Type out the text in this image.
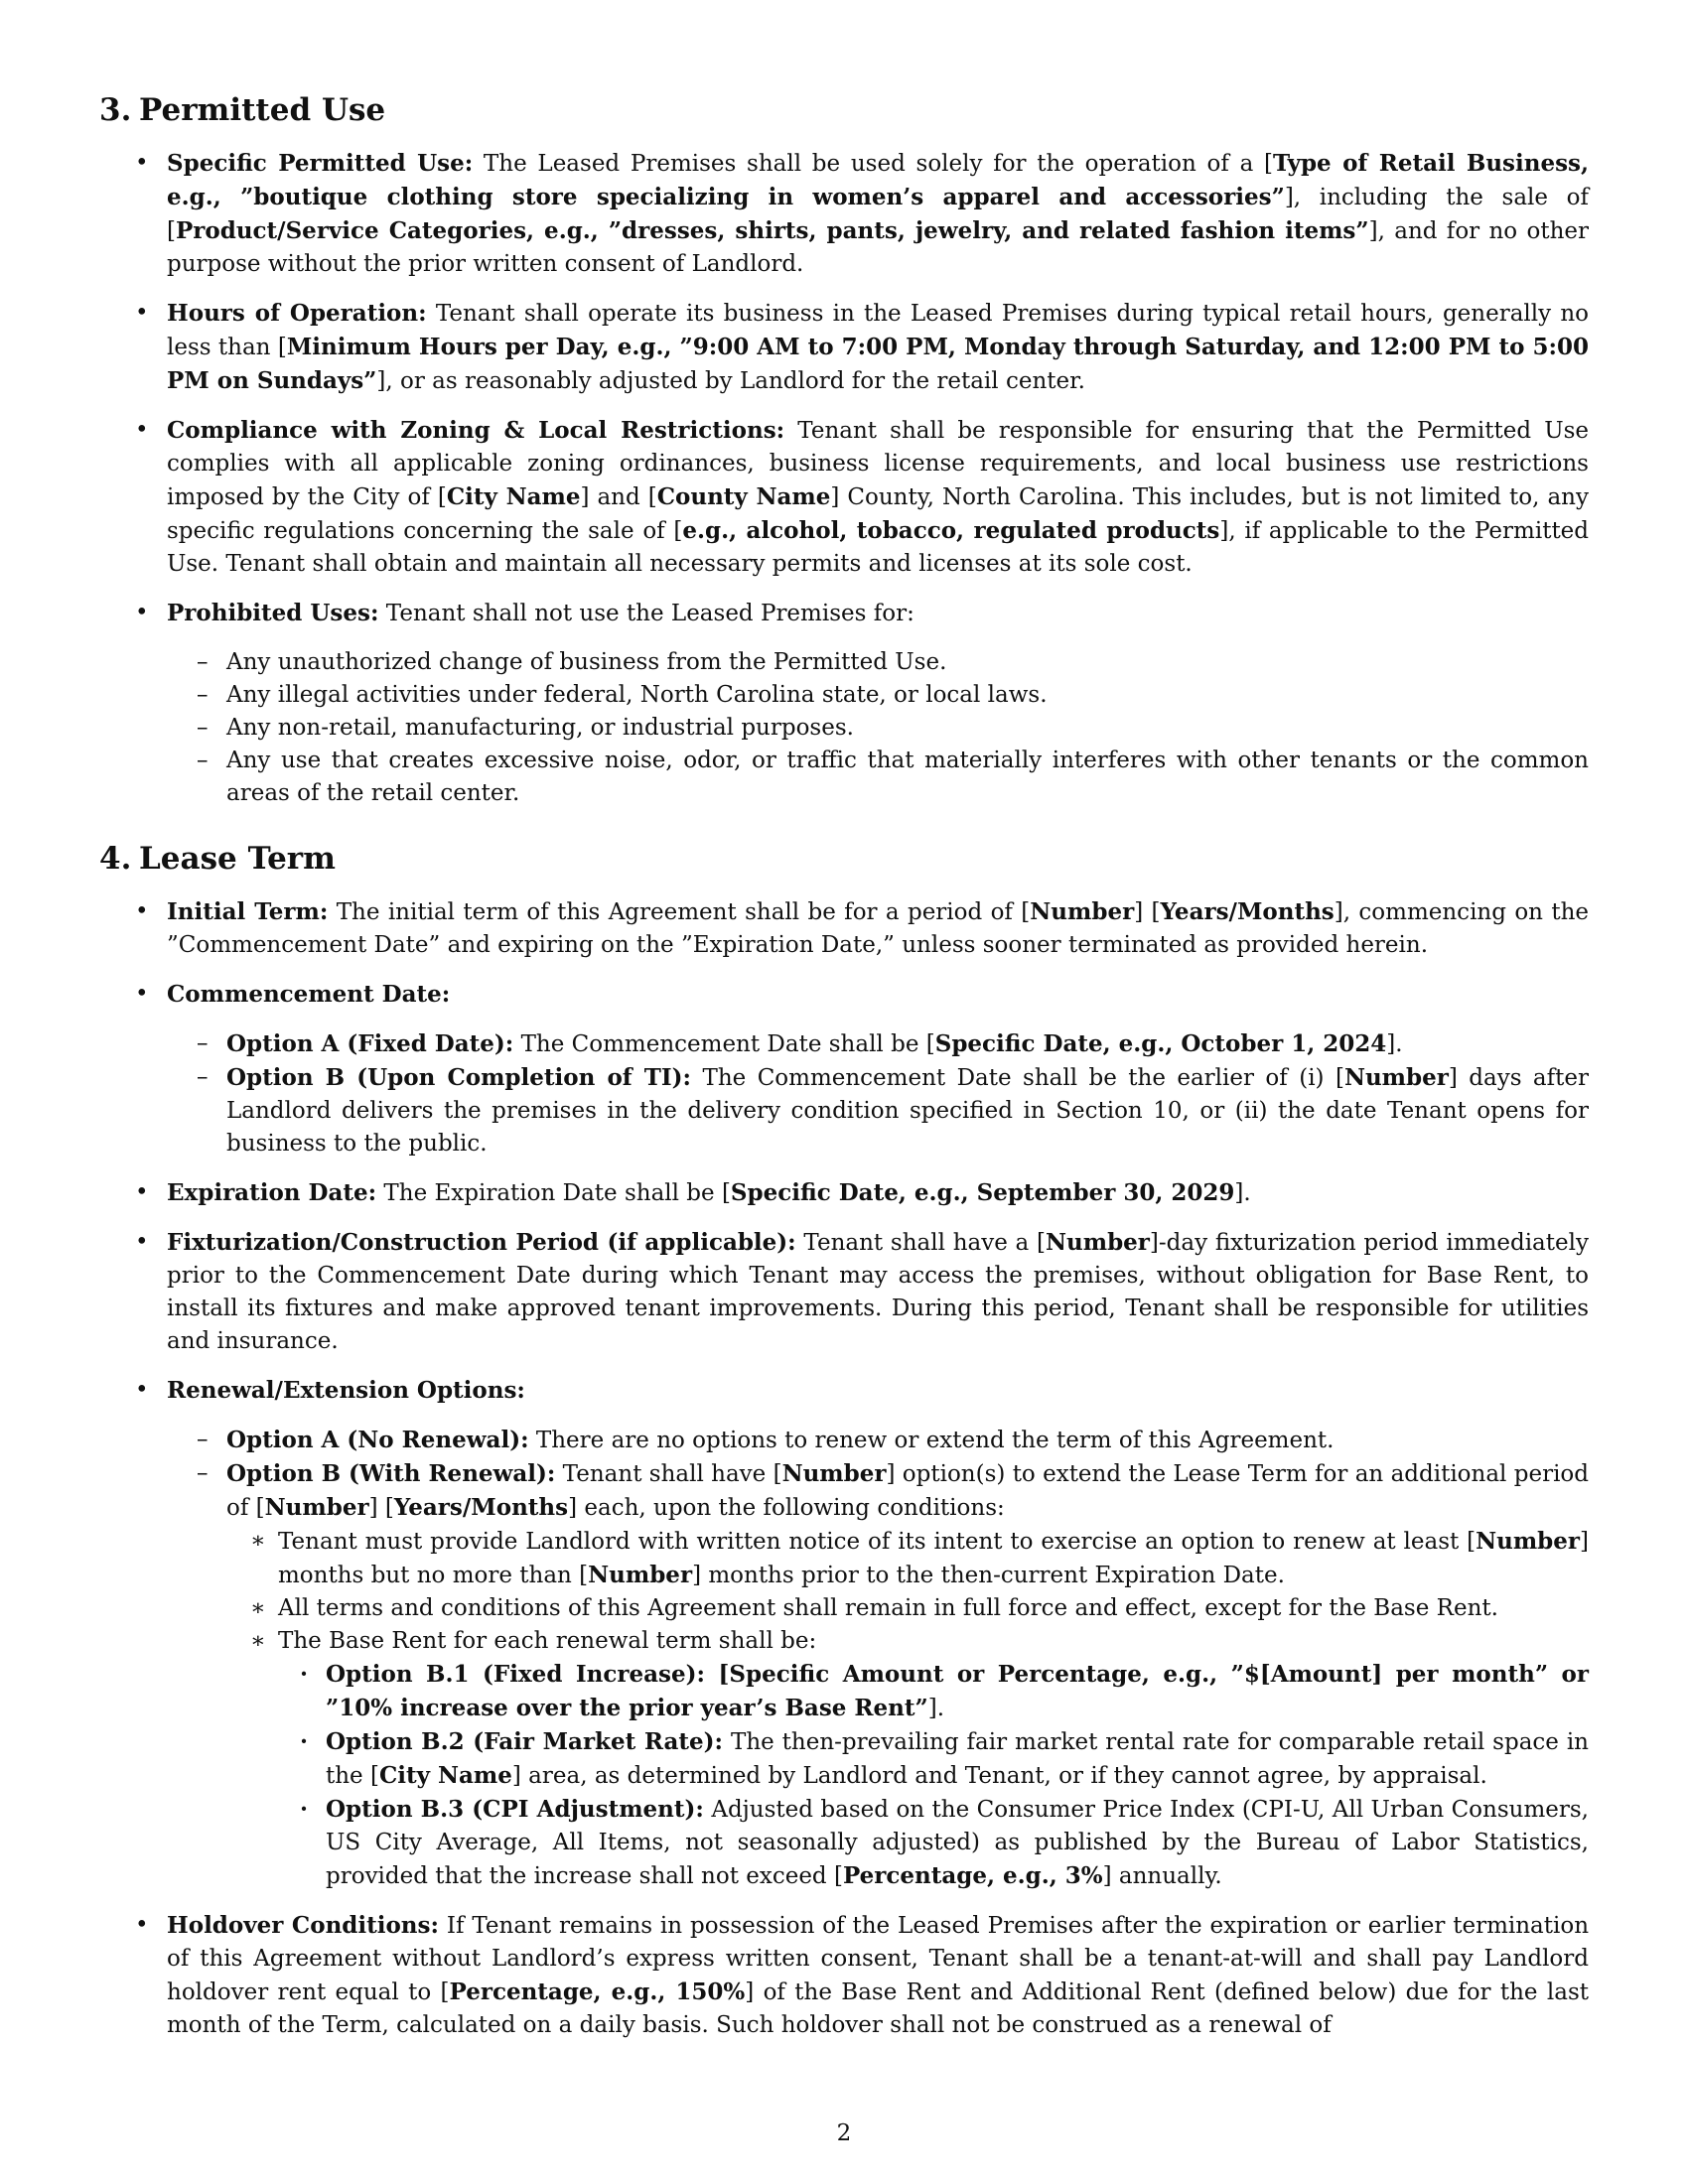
3. Permitted Use
• Specific Permitted Use: The Leased Premises shall be used solely for the operation of a [Type of Retail Business, e.g., ”boutique clothing store specializing in women’s apparel and accessories”], including the sale of [Product/Service Categories, e.g., ”dresses, shirts, pants, jewelry, and related fashion items”], and for no other purpose without the prior written consent of Landlord.
• Hours of Operation: Tenant shall operate its business in the Leased Premises during typical retail hours, generally no less than [Minimum Hours per Day, e.g., ”9:00 AM to 7:00 PM, Monday through Saturday, and 12:00 PM to 5:00 PM on Sundays”], or as reasonably adjusted by Landlord for the retail center.
• Compliance with Zoning & Local Restrictions: Tenant shall be responsible for ensuring that the Permitted Use complies with all applicable zoning ordinances, business license requirements, and local business use restrictions imposed by the City of [City Name] and [County Name] County, North Carolina. This includes, but is not limited to, any specific regulations concerning the sale of [e.g., alcohol, tobacco, regulated products], if applicable to the Permitted Use. Tenant shall obtain and maintain all necessary permits and licenses at its sole cost.
• Prohibited Uses: Tenant shall not use the Leased Premises for:
– Any unauthorized change of business from the Permitted Use.
– Any illegal activities under federal, North Carolina state, or local laws.
– Any non-retail, manufacturing, or industrial purposes.
– Any use that creates excessive noise, odor, or traffic that materially interferes with other tenants or the common areas of the retail center.
4. Lease Term
• Initial Term: The initial term of this Agreement shall be for a period of [Number] [Years/Months], commencing on the ”Commencement Date” and expiring on the ”Expiration Date,” unless sooner terminated as provided herein.
• Commencement Date:
– Option A (Fixed Date): The Commencement Date shall be [Specific Date, e.g., October 1, 2024].
– Option B (Upon Completion of TI): The Commencement Date shall be the earlier of (i) [Number] days after Landlord delivers the premises in the delivery condition specified in Section 10, or (ii) the date Tenant opens for business to the public.
• Expiration Date: The Expiration Date shall be [Specific Date, e.g., September 30, 2029].
• Fixturization/Construction Period (if applicable): Tenant shall have a [Number]-day fixturization period immediately prior to the Commencement Date during which Tenant may access the premises, without obligation for Base Rent, to install its fixtures and make approved tenant improvements. During this period, Tenant shall be responsible for utilities and insurance.
• Renewal/Extension Options:
– Option A (No Renewal): There are no options to renew or extend the term of this Agreement.
– Option B (With Renewal): Tenant shall have [Number] option(s) to extend the Lease Term for an additional period of [Number] [Years/Months] each, upon the following conditions:
∗ Tenant must provide Landlord with written notice of its intent to exercise an option to renew at least [Number] months but no more than [Number] months prior to the then-current Expiration Date.
∗ All terms and conditions of this Agreement shall remain in full force and effect, except for the Base Rent.
∗ The Base Rent for each renewal term shall be:
· Option B.1 (Fixed Increase): [Specific Amount or Percentage, e.g., ”$[Amount] per month” or ”10% increase over the prior year’s Base Rent”].
· Option B.2 (Fair Market Rate): The then-prevailing fair market rental rate for comparable retail space in the [City Name] area, as determined by Landlord and Tenant, or if they cannot agree, by appraisal.
· Option B.3 (CPI Adjustment): Adjusted based on the Consumer Price Index (CPI-U, All Urban Consumers, US City Average, All Items, not seasonally adjusted) as published by the Bureau of Labor Statistics, provided that the increase shall not exceed [Percentage, e.g., 3%] annually.
• Holdover Conditions: If Tenant remains in possession of the Leased Premises after the expiration or earlier termination of this Agreement without Landlord’s express written consent, Tenant shall be a tenant-at-will and shall pay Landlord holdover rent equal to [Percentage, e.g., 150%] of the Base Rent and Additional Rent (defined below) due for the last month of the Term, calculated on a daily basis. Such holdover shall not be construed as a renewal of
2
